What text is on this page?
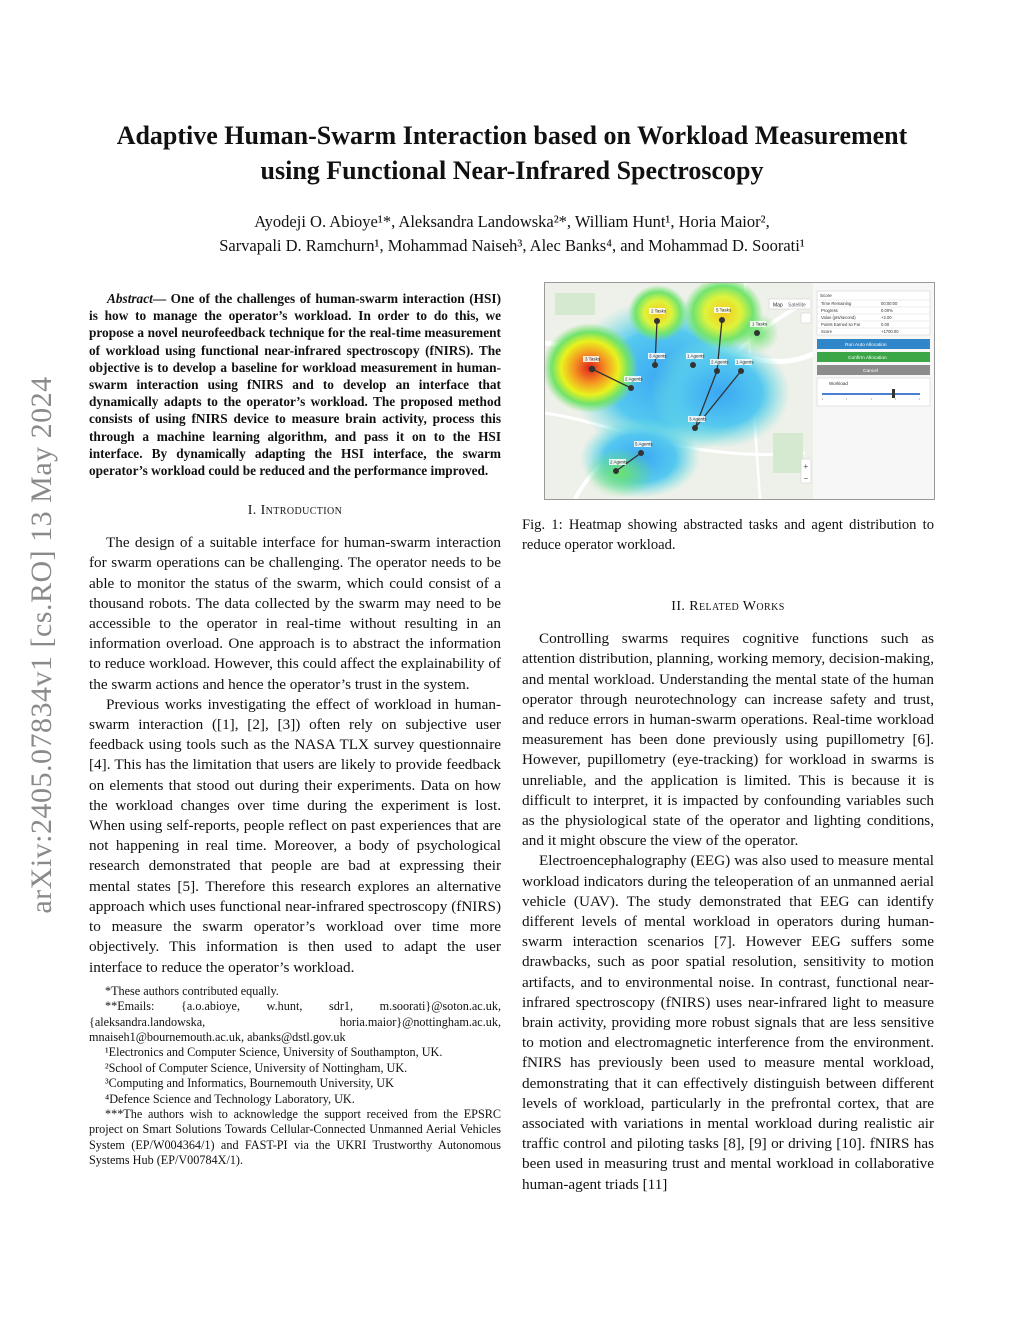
arXiv:2405.07834v1 [cs.RO] 13 May 2024
Adaptive Human-Swarm Interaction based on Workload Measurement
using Functional Near-Infrared Spectroscopy
Ayodeji O. Abioye¹*, Aleksandra Landowska²*, William Hunt¹, Horia Maior²,
Sarvapali D. Ramchurn¹, Mohammad Naiseh³, Alec Banks⁴, and Mohammad D. Soorati¹

Abstract— One of the challenges of human-swarm interaction (HSI) is how to manage the operator’s workload. In order to do this, we propose a novel neurofeedback technique for the real-time measurement of workload using functional near-infrared spectroscopy (fNIRS). The objective is to develop a baseline for workload measurement in human-swarm interaction using fNIRS and to develop an interface that dynamically adapts to the operator’s workload. The proposed method consists of using fNIRS device to measure brain activity, process this through a machine learning algorithm, and pass it on to the HSI interface. By dynamically adapting the HSI interface, the swarm operator’s workload could be reduced and the performance improved.

I. Introduction

The design of a suitable interface for human-swarm interaction for swarm operations can be challenging. The operator needs to be able to monitor the status of the swarm, which could consist of a thousand robots. The data collected by the swarm may need to be accessible to the operator in real-time without resulting in an information overload. One approach is to abstract the information to reduce workload. However, this could affect the explainability of the swarm actions and hence the operator’s trust in the system.

Previous works investigating the effect of workload in human-swarm interaction ([1], [2], [3]) often rely on subjective user feedback using tools such as the NASA TLX survey questionnaire [4]. This has the limitation that users are likely to provide feedback on elements that stood out during their experiments. Data on how the workload changes over time during the experiment is lost. When using self-reports, people reflect on past experiences that are not happening in real time. Moreover, a body of psychological research demonstrated that people are bad at expressing their mental states [5]. Therefore this research explores an alternative approach which uses functional near-infrared spectroscopy (fNIRS) to measure the swarm operator’s workload over time more objectively. This information is then used to adapt the user interface to reduce the operator’s workload.

*These authors contributed equally.
**Emails: {a.o.abioye, w.hunt, sdr1, m.soorati}@soton.ac.uk, {aleksandra.landowska, horia.maior}@nottingham.ac.uk, mnaiseh1@bournemouth.ac.uk, abanks@dstl.gov.uk
¹Electronics and Computer Science, University of Southampton, UK.
²School of Computer Science, University of Nottingham, UK.
³Computing and Informatics, Bournemouth University, UK
⁴Defence Science and Technology Laboratory, UK.
***The authors wish to acknowledge the support received from the EPSRC project on Smart Solutions Towards Cellular-Connected Unmanned Aerial Vehicles System (EP/W004364/1) and FAST-PI via the UKRI Trustworthy Autonomous Systems Hub (EP/V00784X/1).
3 Tasks
2 Tasks	5 Tasks
1 Tasks
2 Agents
3 Agents	1 Agents
2 Agents 1 Agents
3 Agents
5 Agents
2 Agents
Map Satellite
+
−
Score
Time Remaining	00:00:00
Progress	0.00%
Value (pts/second)	+2.00
Points Earned so Far	0.00
Score	+1700.00
Run Auto Allocation
Confirm Allocation
Cancel
Workload
Fig. 1: Heatmap showing abstracted tasks and agent distribution to reduce operator workload.
II. Related Works

Controlling swarms requires cognitive functions such as attention distribution, planning, working memory, decision-making, and mental workload. Understanding the mental state of the human operator through neurotechnology can increase safety and trust, and reduce errors in human-swarm operations. Real-time workload measurement has been done previously using pupillometry [6]. However, pupillometry (eye-tracking) for workload in swarms is unreliable, and the application is limited. This is because it is difficult to interpret, it is impacted by confounding variables such as the physiological state of the operator and lighting conditions, and it might obscure the view of the operator.

Electroencephalography (EEG) was also used to measure mental workload indicators during the teleoperation of an unmanned aerial vehicle (UAV). The study demonstrated that EEG can identify different levels of mental workload in operators during human-swarm interaction scenarios [7]. However EEG suffers some drawbacks, such as poor spatial resolution, sensitivity to motion artifacts, and to environmental noise. In contrast, functional near-infrared spectroscopy (fNIRS) uses near-infrared light to measure brain activity, providing more robust signals that are less sensitive to motion and electromagnetic interference from the environment. fNIRS has previously been used to measure mental workload, demonstrating that it can effectively distinguish between different levels of workload, particularly in the prefrontal cortex, that are associated with variations in mental workload during realistic air traffic control and piloting tasks [8], [9] or driving [10]. fNIRS has been used in measuring trust and mental workload in collaborative human-agent triads [11]
